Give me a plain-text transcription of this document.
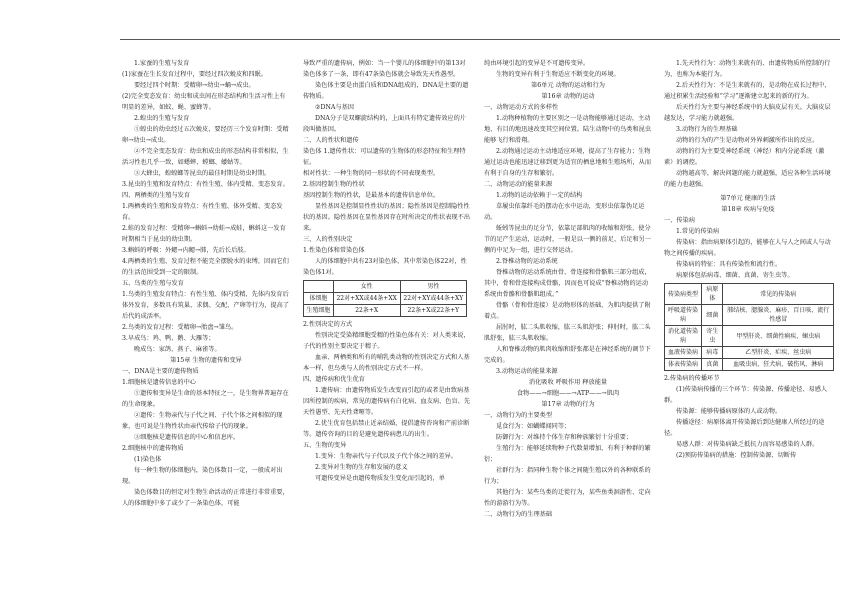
1.家蚕的生殖与发育

(1)家蚕在生长发育过程中，要经过四次蜕皮和四眠。

要经过四个时期：受精卵→幼虫→蛹→成虫。

(2)完全变态发育：幼虫和成虫间在形态结构和生活习性上有明显的差异，如蚊、蝇、蜜蜂等。

2.蝗虫的生殖与发育

①蝗虫的幼虫经过五次蜕皮，要经历三个发育时期：受精卵→幼虫→成虫。

②不完全变态发育：幼虫和成虫的形态结构非常相似，生活习性也几乎一致，如蟋蟀、螳螂、蝼蛄等。

③大蜂虫，蝗蝗螂等昆虫的最佳时期是幼虫时期。

3.昆虫的生殖和发育特点：有性生殖、体内受精、变态发育。

四、两栖类的生殖与发育

1.两栖类的生殖和发育特点：有性生殖、体外受精、变态发育。

2.蛙的发育过程：受精卵→蝌蚪→幼蛙→成蛙，蝌蚪这一发育时期相当于昆虫的幼虫期。

3.蝌蚪的呼吸：外鳃→内鳃→肺，先后长后肢。

4.两栖类的生殖、发育过程不能完全摆脱水的束缚，因而它们的生活范围受到一定的限制。

五、鸟类的生殖与发育

1.鸟类的生殖发育特点：有性生殖、体内受精，先体内发育后体外发育，多数具有筑巢、求偶、交配、产卵等行为，提高了后代的成活率。

2.鸟类的发育过程：受精卵→胎盘→雏鸟。

3.早成鸟：鸡、鸭、鹅、大雁等；

晚成鸟：家鸽、燕子、麻雀等。

第15章 生物的遗传和变异

一、DNA是主要的遗传物质

1.细胞核是遗传信息的中心

①遗传和变异是生命的基本特征之一，是生物界普遍存在的生命现象。

②遗传：生物亲代与子代之间、子代个体之间相似的现象，也可说是生物性状由亲代传给子代的现象。

③细胞核是遗传信息的中心和信息库。

2.细胞核中的遗传物质

(1)染色体

每一种生物的体细胞内，染色体数目一定，一般成对出现。

染色体数目的恒定对生物生命活动的正常进行非常重要，人的体细胞中多了或少了一条染色体，可能

导致严重的遗传病，例如：当一个婴儿的体细胞中的第13对染色体多了一条，即有47条染色体就会导致先天性愚型。

染色体主要是由蛋白质和DNA组成的，DNA是主要的遗传物质。

②DNA与基因

DNA分子是双螺旋结构的，上面具有特定遗传效应的片段叫做基因。

二、人的性状和遗传

染色体 1.遗传性状：可以遗传的生物体的形态特征和生理特征。

相对性状：一种生物的同一形状的不同表现类型。

2.基因控制生物的性状

基因控制生物的性状，是最基本的遗传信息单位。

显性基因是控制显性性状的基因；隐性基因是控制隐性性状的基因。隐性基因在显性基因存在时所决定的性状表现不出来。

三、人的性别决定

1.性染色体和常染色体

人的体细胞中共有23对染色体，其中常染色体22对，性染色体1对。

	女性	男性
体细胞	22对+XX或44条+XX	22对+XY或44条+XY
生殖细胞	22条+X	22条+X或22条+Y

2.性别决定的方式

性别决定受染精细胞受精的性染色体有关：对人类来说，子代的性别主要决定于精子。

血亲、两栖类和所有的哺乳类动物的性别决定方式和人基本一样，但鸟类与人的性别决定方式不一样。

四、遗传病和优生优育

1.遗传病：由遗传物质发生改变而引起的或者是由致病基因所控制的疾病，常见的遗传病有白化病、血友病、色盲、先天性愚型、先天性聋哑等。

2.优生优育包括禁止近亲结婚，提倡遗传咨询和产前诊断等。遗传咨询的目的是避免遗传病患儿的出生。

五、生物的变异

1.变异：生物亲代与子代以及子代个体之间的差异。

2.变异对生物的生存和发展的意义

可遗传变异是由遗传物质发生变化而引起的，单

纯由环境引起的变异是不可遗传变异。

生物的变异有利于生物适应不断变化的环境。

第6单元 动物的运动和行为

第16章 动物的运动

一、动物运动方式的多样性

1.动物种植物的主要区别之一是动物能够通过运动，主动地、有目的地迅速改变其空间位置。陆生动物中的鸟类和昆虫能够飞行和滑翔。

2.动物通过运动主动地适应环境，提高了生存能力；生物通过运动也能迅速迁移到更为适宜的栖息地和生殖场所，从而有利于自身的生存和繁衍。

二、动物运动的能量来源

1.动物的运动依赖于一定的结构

草履虫依靠纤毛的摆动在水中运动，变形虫依靠伪足运动。

蚯蚓等昆虫的足分节，依靠足部肌肉的收缩和舒张，使分节的足产生运动，运动时，一般是以一侧的前足、后足和另一侧的中足为一组，进行交替运动。

2.脊椎动物的运动系统

脊椎动物的运动系统由骨、骨连接和骨骼肌三部分组成，其中，骨和骨连接构成骨骼，因而也可说成“脊椎动物的运动系统由骨骼和骨骼肌组成。”

骨骼（骨和骨连接）是动物形体的基础，为肌肉提供了附着点。

屈肘时，肱二头肌收缩，肱三头肌舒张；伸肘时，肱二头肌舒张，肱三头肌收缩。

人和脊椎动物的肌肉收缩和舒张都是在神经系统的调节下完成的。

3.动物运动的能量来源

消化吸收 呼吸作用 释放能量

食物——→细胞——→ATP——→肌肉

第17章 动物的行为

一、动物行为的主要类型

觅食行为：如蝴蝶闻同等；

防御行为：对维持个体生存和种族繁衍十分重要；

生殖行为：能够延续物种子代数量增加，有利于种群的繁衍；

社群行为：指同种生物个体之间随生殖以外的各种联系的行为；

其他行为：某些鸟类的迁徙行为，某些鱼类洄游性、定向性的游游行为等。

二、动物行为的生理基础

1.先天性行为：动物生来就有的、由遗传物质所控制的行为，也称为本能行为。

2.后天性行为：不是生来就有的，是动物在成长过程中，通过积累生活经验和“学习”逐渐建立起来的新的行为。

后天性行为主要与神经系统中的大脑皮层有关。大脑皮层越发达，学习能力就越强。

3.动物行为的生理基础

动物的行为的产生是动物对外界刺激所作出的反应。

动物的行为主要受神经系统（神经）和内分泌系统（激素）的调控。

动物越高等，解决问题的能力就越强，适应各种生活环境的能力也越强。

第7单元 健康的生活

第18章 疾病与免疫

一、传染病

1.常见的传染病

传染病：指由病原体引起的，能够在人与人之间或人与动物之间传播的疾病。

传染病的特征：具有传染性和流行性。

病原体包括病毒、细菌、真菌、寄生虫等。

传染病类型	病原体	常见的传染病
呼吸道传染病	细菌	肺结核、腮腺炎、麻疹、百日咳、流行性感冒
消化道传染病	寄生虫	甲型肝炎、细菌性痢疾、蛔虫病
血液传染病	病毒	乙型肝炎、疟疾、丝虫病
体表传染病	真菌	血吸虫病、狂犬病、破伤风、淋病

2.传染病的传播环节

(1)传染病传播的三个环节：传染源、传播途径、易感人群。

传染源：能够传播病原体的人或动物。

传播途径：病原体离开传染源后到达健康人所经过的途径。

易感人群：对传染病缺乏抵抗力而容易感染的人群。

(2)预防传染病的措施：控制传染源、切断传
